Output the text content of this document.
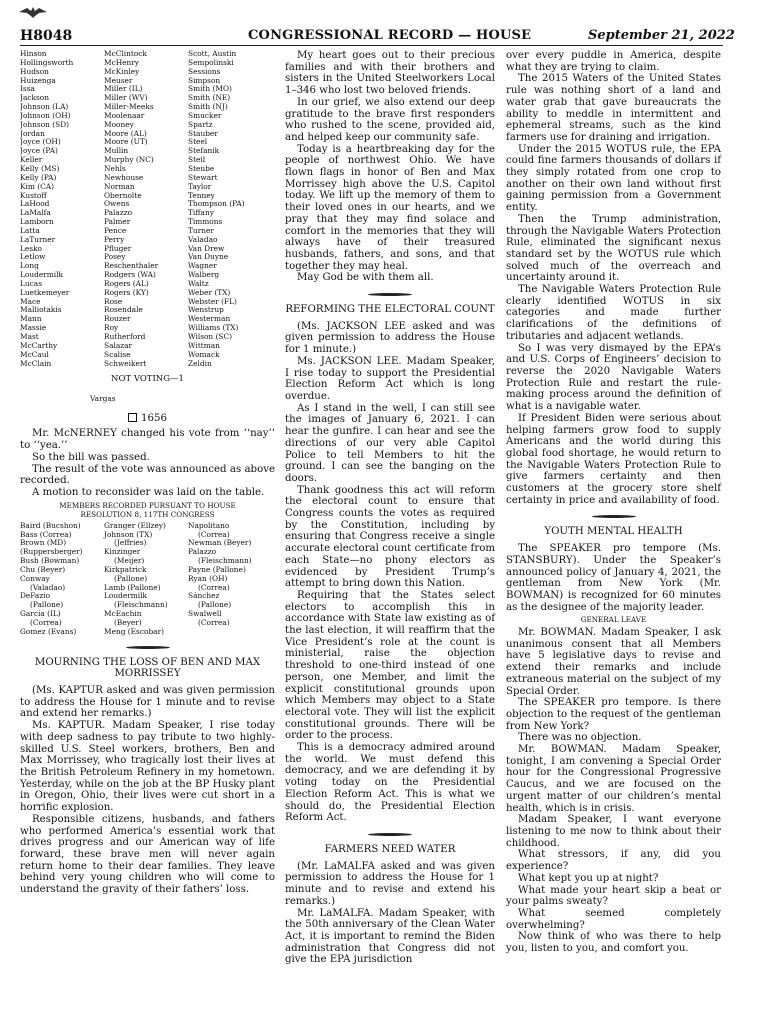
H8048	CONGRESSIONAL RECORD — HOUSE	September 21, 2022
Hinson
Hollingsworth
Hudson
Huizenga
Issa
Jackson
Johnson (LA)
Johnson (OH)
Johnson (SD)
Jordan
Joyce (OH)
Joyce (PA)
Keller
Kelly (MS)
Kelly (PA)
Kim (CA)
Kustoff
LaHood
LaMalfa
Lamborn
Latta
LaTurner
Lesko
Letlow
Long
Loudermilk
Lucas
Luetkemeyer
Mace
Malliotakis
Mann
Massie
Mast
McCarthy
McCaul
McClain
McClintock
McHenry
McKinley
Meuser
Miller (IL)
Miller (WV)
Miller-Meeks
Moolenaar
Mooney
Moore (AL)
Moore (UT)
Mullin
Murphy (NC)
Nehls
Newhouse
Norman
Obernolte
Owens
Palazzo
Palmer
Pence
Perry
Pfluger
Posey
Reschenthaler
Rodgers (WA)
Rogers (AL)
Rogers (KY)
Rose
Rosendale
Rouzer
Roy
Rutherford
Salazar
Scalise
Schweikert
Scott, Austin
Sempolinski
Sessions
Simpson
Smith (MO)
Smith (NE)
Smith (NJ)
Smucker
Spartz
Stauber
Steel
Stefanik
Steil
Steube
Stewart
Taylor
Tenney
Thompson (PA)
Tiffany
Timmons
Turner
Valadao
Van Drew
Van Duyne
Wagner
Walberg
Waltz
Weber (TX)
Webster (FL)
Wenstrup
Westerman
Williams (TX)
Wilson (SC)
Wittman
Womack
Zeldin
NOT VOTING—1
Vargas
1656

Mr. McNERNEY changed his vote from ‘‘nay’’ to ‘‘yea.’’

So the bill was passed.

The result of the vote was announced as above recorded.

A motion to reconsider was laid on the table.

MEMBERS RECORDED PURSUANT TO HOUSE
RESOLUTION 8, 117TH CONGRESS
Baird (Bucshon)
Bass (Correa)
Brown (MD)
(Ruppersberger)
Bush (Bowman)
Chu (Beyer)
Conway
(Valadao)
DeFazio
(Pallone)
García (IL)
(Correa)
Gomez (Evans)
Granger (Ellzey)
Johnson (TX)
(Jeffries)
Kinzinger
(Meijer)
Kirkpatrick
(Pallone)
Lamb (Pallone)
Loudermilk
(Fleischmann)
McEachin
(Beyer)
Meng (Escobar)
Napolitano
(Correa)
Newman (Beyer)
Palazzo
(Fleischmann)
Payne (Pallone)
Ryan (OH)
(Correa)
Sánchez
(Pallone)
Swalwell
(Correa)
MOURNING THE LOSS OF BEN AND MAX MORRISSEY

(Ms. KAPTUR asked and was given permission to address the House for 1 minute and to revise and extend her remarks.)

Ms. KAPTUR. Madam Speaker, I rise today with deep sadness to pay tribute to two highly-skilled U.S. Steel workers, brothers, Ben and Max Morrissey, who tragically lost their lives at the British Petroleum Refinery in my hometown. Yesterday, while on the job at the BP Husky plant in Oregon, Ohio, their lives were cut short in a horrific explosion.

Responsible citizens, husbands, and fathers who performed America’s essential work that drives progress and our American way of life forward, these brave men will never again return home to their dear families. They leave behind very young children who will come to understand the gravity of their fathers’ loss.

My heart goes out to their precious families and with their brothers and sisters in the United Steelworkers Local 1–346 who lost two beloved friends.

In our grief, we also extend our deep gratitude to the brave first responders who rushed to the scene, provided aid, and helped keep our community safe.

Today is a heartbreaking day for the people of northwest Ohio. We have flown flags in honor of Ben and Max Morrissey high above the U.S. Capitol today. We lift up the memory of them to their loved ones in our hearts, and we pray that they may find solace and comfort in the memories that they will always have of their treasured husbands, fathers, and sons, and that together they may heal.

May God be with them all.

REFORMING THE ELECTORAL COUNT

(Ms. JACKSON LEE asked and was given permission to address the House for 1 minute.)

Ms. JACKSON LEE. Madam Speaker, I rise today to support the Presidential Election Reform Act which is long overdue.

As I stand in the well, I can still see the images of January 6, 2021. I can hear the gunfire. I can hear and see the directions of our very able Capitol Police to tell Members to hit the ground. I can see the banging on the doors.

Thank goodness this act will reform the electoral count to ensure that Congress counts the votes as required by the Constitution, including by ensuring that Congress receive a single accurate electoral count certificate from each State—no phony electors as evidenced by President Trump’s attempt to bring down this Nation.

Requiring that the States select electors to accomplish this in accordance with State law existing as of the last election, it will reaffirm that the Vice President’s role at the count is ministerial, raise the objection threshold to one-third instead of one person, one Member, and limit the explicit constitutional grounds upon which Members may object to a State electoral vote. They will list the explicit constitutional grounds. There will be order to the process.

This is a democracy admired around the world. We must defend this democracy, and we are defending it by voting today on the Presidential Election Reform Act. This is what we should do, the Presidential Election Reform Act.

FARMERS NEED WATER

(Mr. LaMALFA asked and was given permission to address the House for 1 minute and to revise and extend his remarks.)

Mr. LaMALFA. Madam Speaker, with the 50th anniversary of the Clean Water Act, it is important to remind the Biden administration that Congress did not give the EPA jurisdiction

over every puddle in America, despite what they are trying to claim.

The 2015 Waters of the United States rule was nothing short of a land and water grab that gave bureaucrats the ability to meddle in intermittent and ephemeral streams, such as the kind farmers use for draining and irrigation.

Under the 2015 WOTUS rule, the EPA could fine farmers thousands of dollars if they simply rotated from one crop to another on their own land without first gaining permission from a Government entity.

Then the Trump administration, through the Navigable Waters Protection Rule, eliminated the significant nexus standard set by the WOTUS rule which solved much of the overreach and uncertainty around it.

The Navigable Waters Protection Rule clearly identified WOTUS in six categories and made further clarifications of the definitions of tributaries and adjacent wetlands.

So I was very dismayed by the EPA’s and U.S. Corps of Engineers’ decision to reverse the 2020 Navigable Waters Protection Rule and restart the rule-making process around the definition of what is a navigable water.

If President Biden were serious about helping farmers grow food to supply Americans and the world during this global food shortage, he would return to the Navigable Waters Protection Rule to give farmers certainty and then customers at the grocery store shelf certainty in price and availability of food.

YOUTH MENTAL HEALTH

The SPEAKER pro tempore (Ms. STANSBURY). Under the Speaker’s announced policy of January 4, 2021, the gentleman from New York (Mr. BOWMAN) is recognized for 60 minutes as the designee of the majority leader.

GENERAL LEAVE

Mr. BOWMAN. Madam Speaker, I ask unanimous consent that all Members have 5 legislative days to revise and extend their remarks and include extraneous material on the subject of my Special Order.

The SPEAKER pro tempore. Is there objection to the request of the gentleman from New York?

There was no objection.

Mr. BOWMAN. Madam Speaker, tonight, I am convening a Special Order hour for the Congressional Progressive Caucus, and we are focused on the urgent matter of our children’s mental health, which is in crisis.

Madam Speaker, I want everyone listening to me now to think about their childhood.

What stressors, if any, did you experience?

What kept you up at night?

What made your heart skip a beat or your palms sweaty?

What seemed completely overwhelming?

Now think of who was there to help you, listen to you, and comfort you.
